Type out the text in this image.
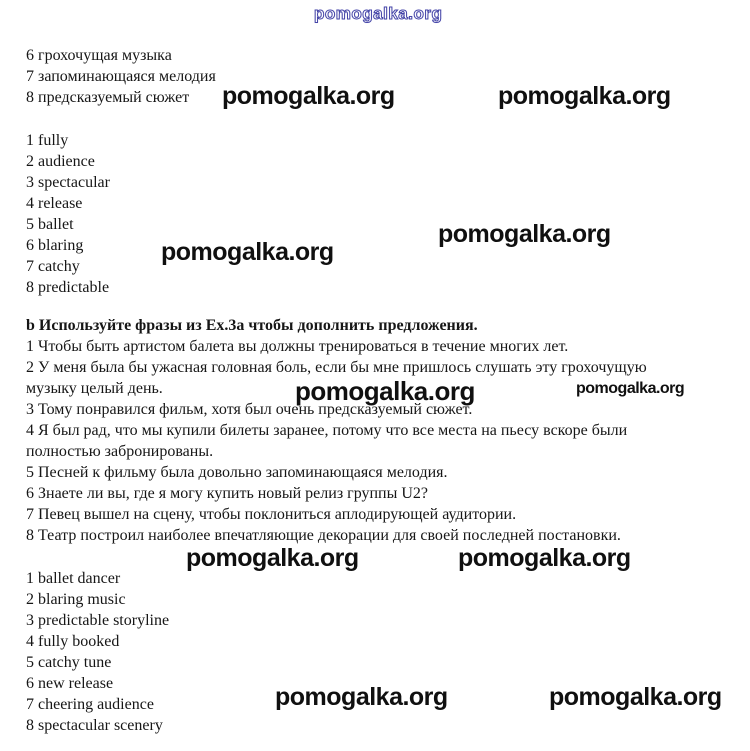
pomogalka.org
pomogalka.org	pomogalka.org
pomogalka.org
pomogalka.org
pomogalka.org	pomogalka.org
pomogalka.org	pomogalka.org
pomogalka.org	pomogalka.org
6 грохочущая музыка
7 запоминающаяся мелодия
8 предсказуемый сюжет
1 fully
2 audience
3 spectacular
4 release
5 ballet
6 blaring
7 catchy
8 predictable
b Используйте фразы из Ex.3a чтобы дополнить предложения.
1 Чтобы быть артистом балета вы должны тренироваться в течение многих лет.
2 У меня была бы ужасная головная боль, если бы мне пришлось слушать эту грохочущую
музыку целый день.
3 Тому понравился фильм, хотя был очень предсказуемый сюжет.
4 Я был рад, что мы купили билеты заранее, потому что все места на пьесу вскоре были
полностью забронированы.
5 Песней к фильму была довольно запоминающаяся мелодия.
6 Знаете ли вы, где я могу купить новый релиз группы U2?
7 Певец вышел на сцену, чтобы поклониться аплодирующей аудитории.
8 Театр построил наиболее впечатляющие декорации для своей последней постановки.
1 ballet dancer
2 blaring music
3 predictable storyline
4 fully booked
5 catchy tune
6 new release
7 cheering audience
8 spectacular scenery
